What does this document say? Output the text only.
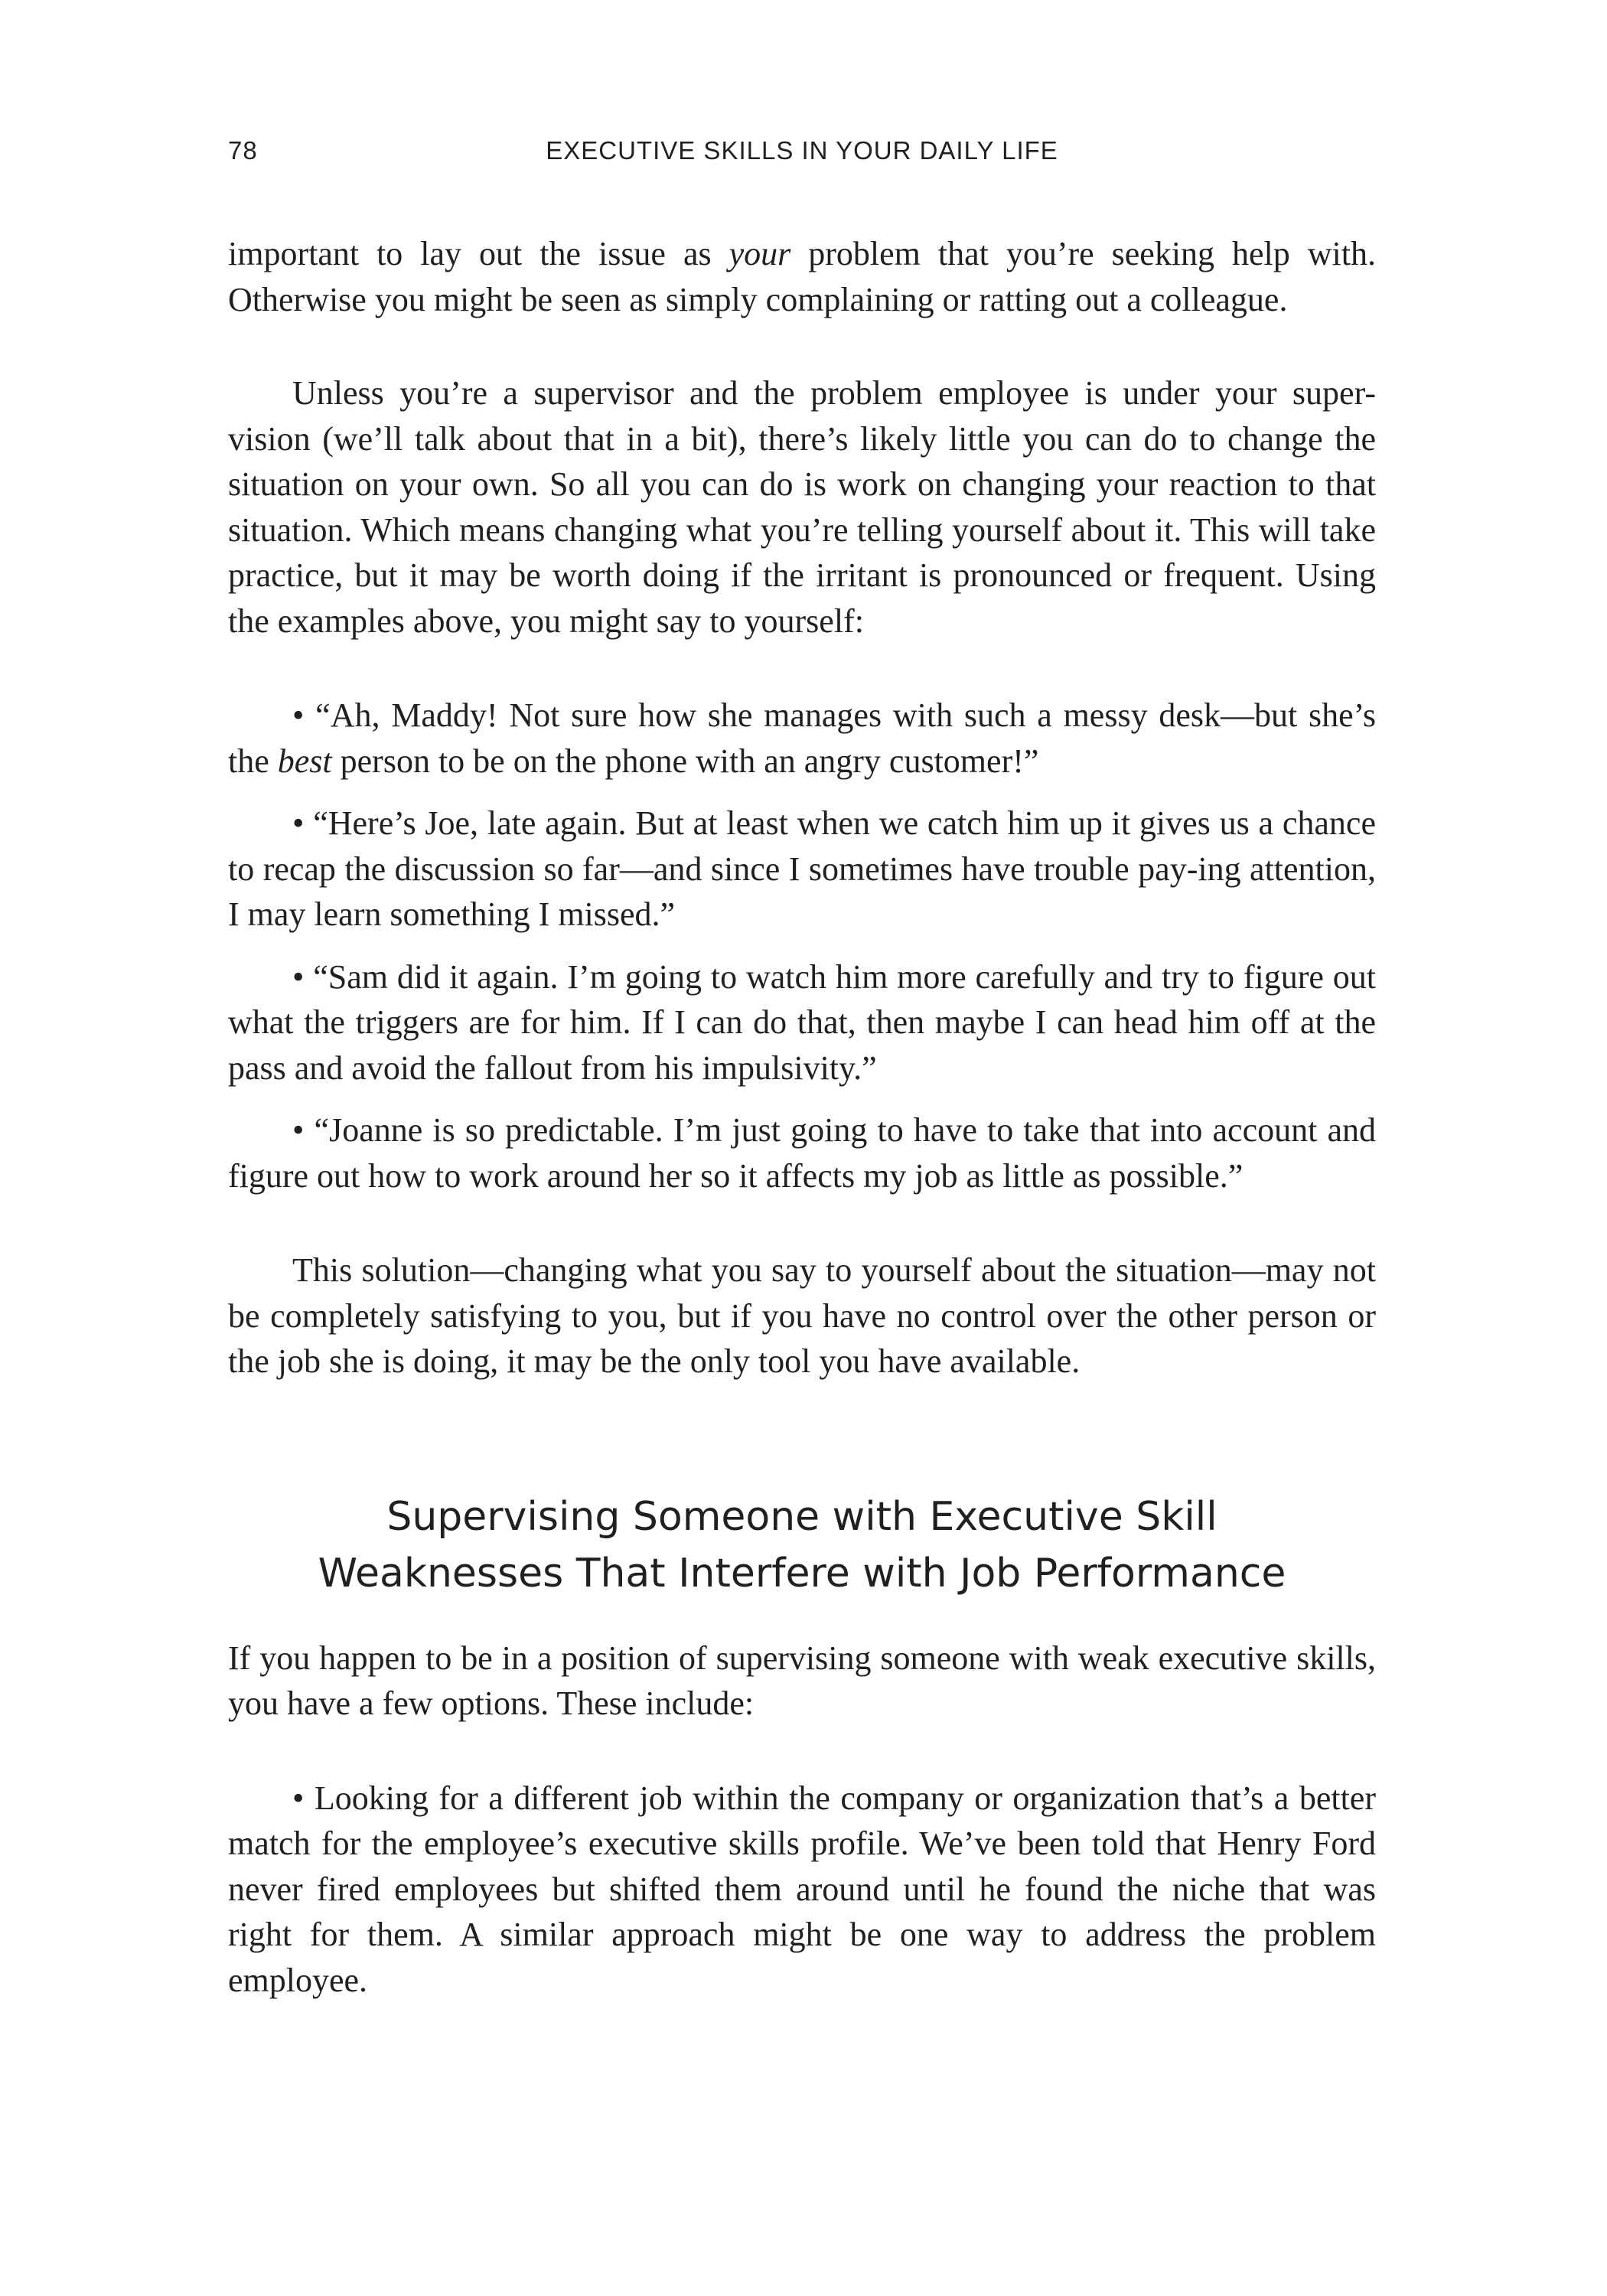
78	EXECUTIVE SKILLS IN YOUR DAILY LIFE

important to lay out the issue as your problem that you’re seeking help with. Otherwise you might be seen as simply complaining or ratting out a colleague.

Unless you’re a supervisor and the problem employee is under your super-vision (we’ll talk about that in a bit), there’s likely little you can do to change the situation on your own. So all you can do is work on changing your reaction to that situation. Which means changing what you’re telling yourself about it. This will take practice, but it may be worth doing if the irritant is pronounced or frequent. Using the examples above, you might say to yourself:

• “Ah, Maddy! Not sure how she manages with such a messy desk—but she’s the best person to be on the phone with an angry customer!”

• “Here’s Joe, late again. But at least when we catch him up it gives us a chance to recap the discussion so far—and since I sometimes have trouble pay-ing attention, I may learn something I missed.”

• “Sam did it again. I’m going to watch him more carefully and try to figure out what the triggers are for him. If I can do that, then maybe I can head him off at the pass and avoid the fallout from his impulsivity.”

• “Joanne is so predictable. I’m just going to have to take that into account and figure out how to work around her so it affects my job as little as possible.”

This solution—changing what you say to yourself about the situation—may not be completely satisfying to you, but if you have no control over the other person or the job she is doing, it may be the only tool you have available.

Supervising Someone with Executive Skill
Weaknesses That Interfere with Job Performance

If you happen to be in a position of supervising someone with weak executive skills, you have a few options. These include:

• Looking for a different job within the company or organization that’s a better match for the employee’s executive skills profile. We’ve been told that Henry Ford never fired employees but shifted them around until he found the niche that was right for them. A similar approach might be one way to address the problem employee.
